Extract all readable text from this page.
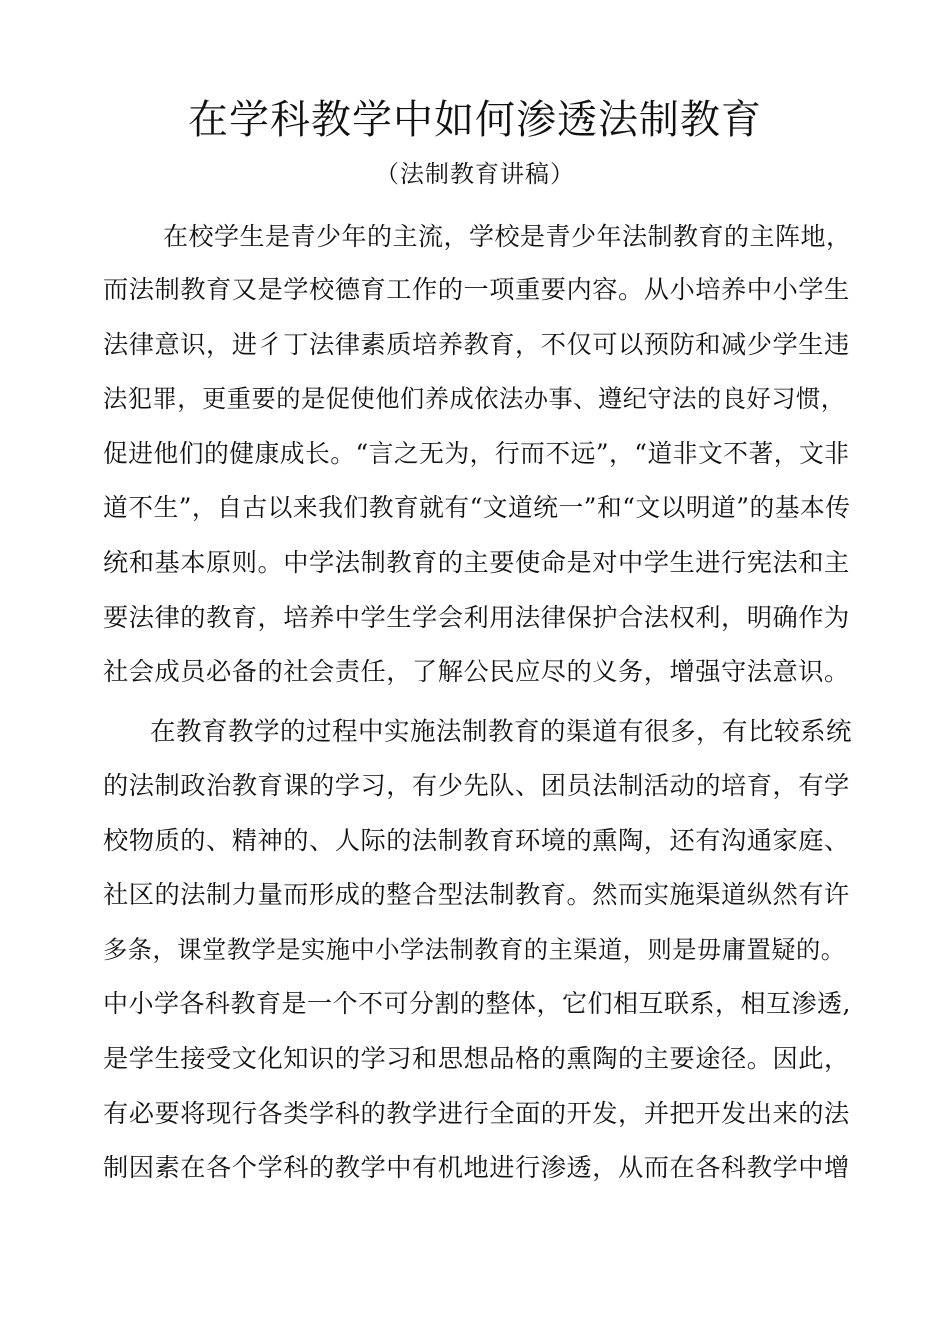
在学科教学中如何渗透法制教育
（法制教育讲稿）
在校学生是青少年的主流，学校是青少年法制教育的主阵地，
而法制教育又是学校德育工作的一项重要内容。从小培养中小学生
法律意识，进彳丁法律素质培养教育，不仅可以预防和减少学生违
法犯罪，更重要的是促使他们养成依法办事、遵纪守法的良好习惯，
促进他们的健康成长。“言之无为，行而不远”，“道非文不著，文非
道不生”，自古以来我们教育就有“文道统一”和“文以明道”的基本传
统和基本原则。中学法制教育的主要使命是对中学生进行宪法和主
要法律的教育，培养中学生学会利用法律保护合法权利，明确作为
社会成员必备的社会责任，了解公民应尽的义务，增强守法意识。
在教育教学的过程中实施法制教育的渠道有很多，有比较系统
的法制政治教育课的学习，有少先队、团员法制活动的培育，有学
校物质的、精神的、人际的法制教育环境的熏陶，还有沟通家庭、
社区的法制力量而形成的整合型法制教育。然而实施渠道纵然有许
多条，课堂教学是实施中小学法制教育的主渠道，则是毋庸置疑的。
中小学各科教育是一个不可分割的整体，它们相互联系，相互渗透,
是学生接受文化知识的学习和思想品格的熏陶的主要途径。因此，
有必要将现行各类学科的教学进行全面的开发，并把开发出来的法
制因素在各个学科的教学中有机地进行渗透，从而在各科教学中增
